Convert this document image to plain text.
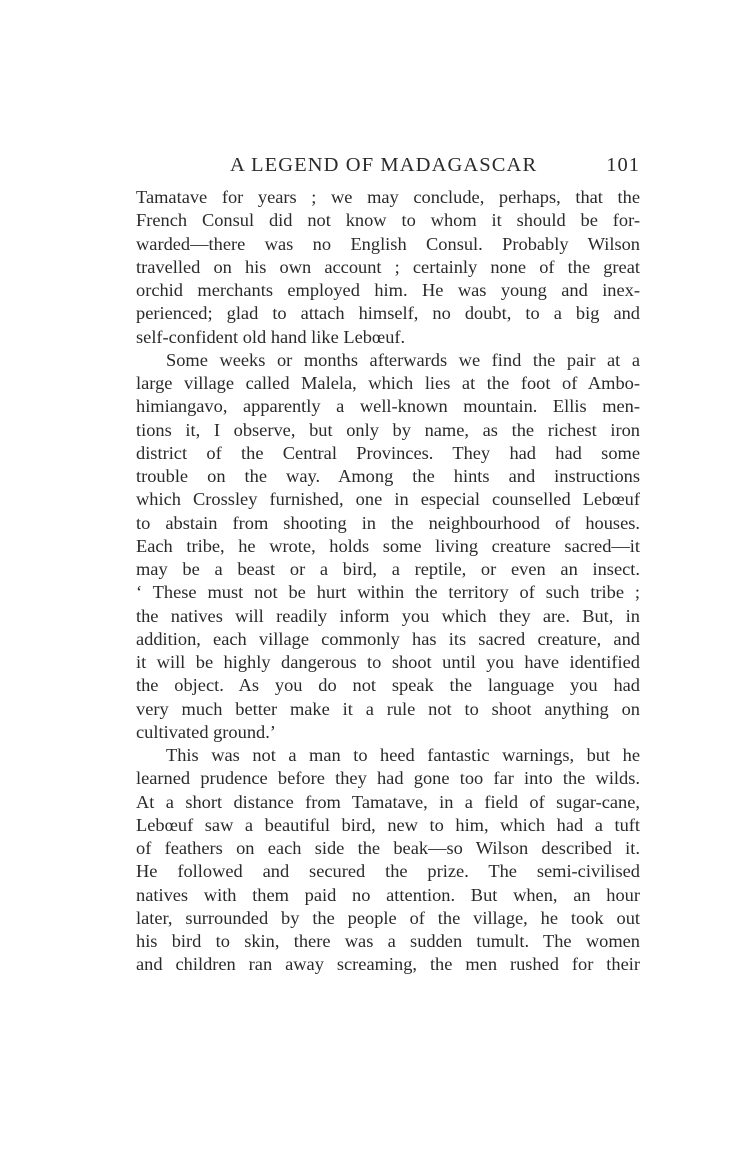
A LEGEND OF MADAGASCAR	101
Tamatave for years ; we may conclude, perhaps, that the
French Consul did not know to whom it should be for-
warded—there was no English Consul. Probably Wilson
travelled on his own account ; certainly none of the great
orchid merchants employed him. He was young and inex-
perienced; glad to attach himself, no doubt, to a big and
self-confident old hand like Lebœuf.
Some weeks or months afterwards we find the pair at a
large village called Malela, which lies at the foot of Ambo-
himiangavo, apparently a well-known mountain. Ellis men-
tions it, I observe, but only by name, as the richest iron
district of the Central Provinces. They had had some
trouble on the way. Among the hints and instructions
which Crossley furnished, one in especial counselled Lebœuf
to abstain from shooting in the neighbourhood of houses.
Each tribe, he wrote, holds some living creature sacred—it
may be a beast or a bird, a reptile, or even an insect.
‘ These must not be hurt within the territory of such tribe ;
the natives will readily inform you which they are. But, in
addition, each village commonly has its sacred creature, and
it will be highly dangerous to shoot until you have identified
the object. As you do not speak the language you had
very much better make it a rule not to shoot anything on
cultivated ground.’
This was not a man to heed fantastic warnings, but he
learned prudence before they had gone too far into the wilds.
At a short distance from Tamatave, in a field of sugar-cane,
Lebœuf saw a beautiful bird, new to him, which had a tuft
of feathers on each side the beak—so Wilson described it.
He followed and secured the prize. The semi-civilised
natives with them paid no attention. But when, an hour
later, surrounded by the people of the village, he took out
his bird to skin, there was a sudden tumult. The women
and children ran away screaming, the men rushed for their
